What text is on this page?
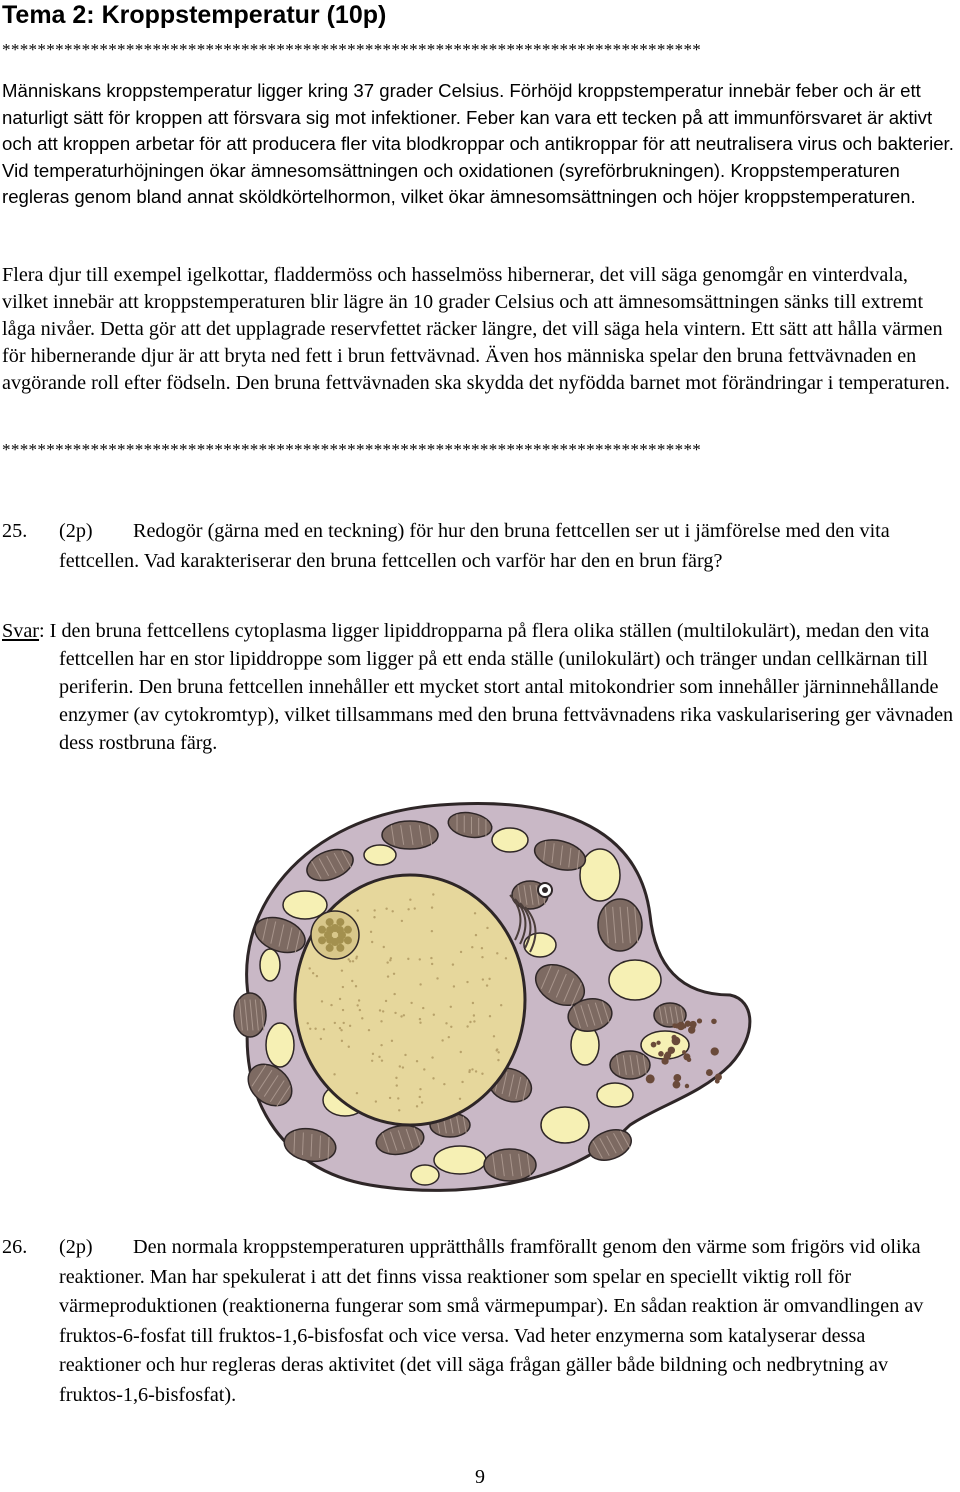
Tema 2: Kroppstemperatur (10p)
*******************************************************************************

Människans kroppstemperatur ligger kring 37 grader Celsius. Förhöjd kroppstemperatur innebär feber och är ett naturligt sätt för kroppen att försvara sig mot infektioner. Feber kan vara ett tecken på att immunförsvaret är aktivt och att kroppen arbetar för att producera fler vita blodkroppar och antikroppar för att neutralisera virus och bakterier. Vid temperaturhöjningen ökar ämnesomsättningen och oxidationen (syreförbrukningen). Kroppstemperaturen regleras genom bland annat sköldkörtelhormon, vilket ökar ämnesomsättningen och höjer kroppstemperaturen.

Flera djur till exempel igelkottar, fladdermöss och hasselmöss hibernerar, det vill säga genomgår en vinterdvala, vilket innebär att kroppstemperaturen blir lägre än 10 grader Celsius och att ämnesomsättningen sänks till extremt låga nivåer. Detta gör att det upplagrade reservfettet räcker längre, det vill säga hela vintern. Ett sätt att hålla värmen för hibernerande djur är att bryta ned fett i brun fettvävnad. Även hos människa spelar den bruna fettvävnaden en avgörande roll efter födseln. Den bruna fettvävnaden ska skydda det nyfödda barnet mot förändringar i temperaturen.

*******************************************************************************
25. (2p)	Redogör (gärna med en teckning) för hur den bruna fettcellen ser ut i jämförelse med den vita fettcellen. Vad karakteriserar den bruna fettcellen och varför har den en brun färg?
Svar: I den bruna fettcellens cytoplasma ligger lipiddropparna på flera olika ställen (multilokulärt), medan den vita fettcellen har en stor lipiddroppe som ligger på ett enda ställe (unilokulärt) och tränger undan cellkärnan till periferin. Den bruna fettcellen innehåller ett mycket stort antal mitokondrier som innehåller järninnehållande enzymer (av cytokromtyp), vilket tillsammans med den bruna fettvävnadens rika vaskularisering ger vävnaden dess rostbruna färg.
26. (2p)	Den normala kroppstemperaturen upprätthålls framförallt genom den värme som frigörs vid olika reaktioner. Man har spekulerat i att det finns vissa reaktioner som spelar en speciellt viktig roll för värmeproduktionen (reaktionerna fungerar som små värmepumpar). En sådan reaktion är omvandlingen av fruktos-6-fosfat till fruktos-1,6-bisfosfat och vice versa. Vad heter enzymerna som katalyserar dessa reaktioner och hur regleras deras aktivitet (det vill säga frågan gäller både bildning och nedbrytning av fruktos-1,6-bisfosfat).
9
